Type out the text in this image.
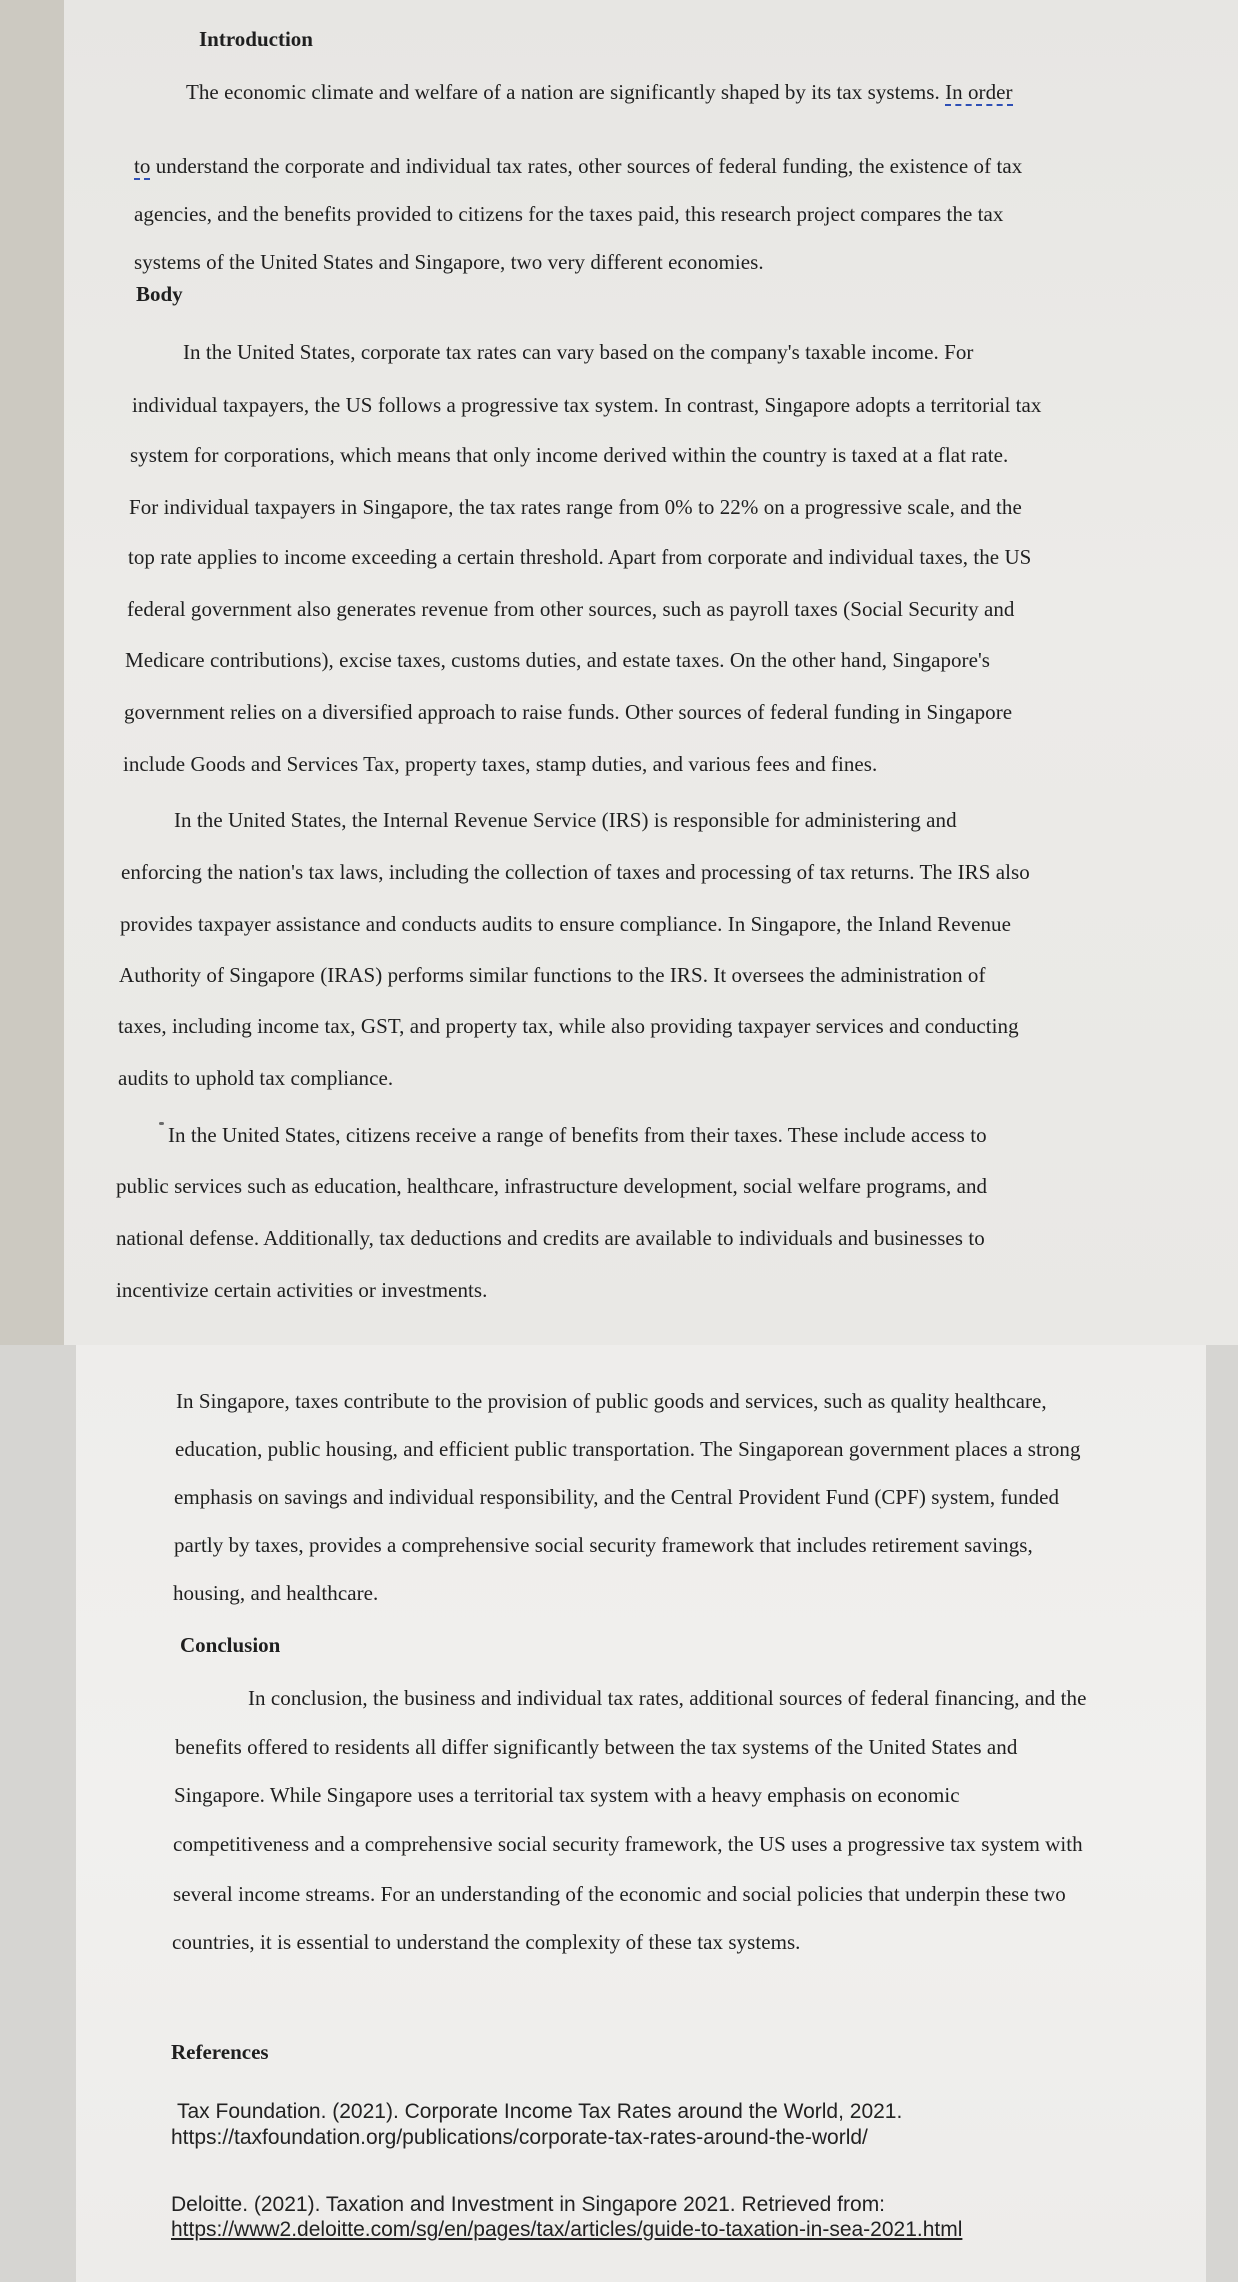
Introduction
The economic climate and welfare of a nation are significantly shaped by its tax systems. In order
to understand the corporate and individual tax rates, other sources of federal funding, the existence of tax
agencies, and the benefits provided to citizens for the taxes paid, this research project compares the tax
systems of the United States and Singapore, two very different economies.
Body
In the United States, corporate tax rates can vary based on the company's taxable income. For
individual taxpayers, the US follows a progressive tax system. In contrast, Singapore adopts a territorial tax
system for corporations, which means that only income derived within the country is taxed at a flat rate.
For individual taxpayers in Singapore, the tax rates range from 0% to 22% on a progressive scale, and the
top rate applies to income exceeding a certain threshold. Apart from corporate and individual taxes, the US
federal government also generates revenue from other sources, such as payroll taxes (Social Security and
Medicare contributions), excise taxes, customs duties, and estate taxes. On the other hand, Singapore's
government relies on a diversified approach to raise funds. Other sources of federal funding in Singapore
include Goods and Services Tax, property taxes, stamp duties, and various fees and fines.
In the United States, the Internal Revenue Service (IRS) is responsible for administering and
enforcing the nation's tax laws, including the collection of taxes and processing of tax returns. The IRS also
provides taxpayer assistance and conducts audits to ensure compliance. In Singapore, the Inland Revenue
Authority of Singapore (IRAS) performs similar functions to the IRS. It oversees the administration of
taxes, including income tax, GST, and property tax, while also providing taxpayer services and conducting
audits to uphold tax compliance.
In the United States, citizens receive a range of benefits from their taxes. These include access to
public services such as education, healthcare, infrastructure development, social welfare programs, and
national defense. Additionally, tax deductions and credits are available to individuals and businesses to
incentivize certain activities or investments.
In Singapore, taxes contribute to the provision of public goods and services, such as quality healthcare,
education, public housing, and efficient public transportation. The Singaporean government places a strong
emphasis on savings and individual responsibility, and the Central Provident Fund (CPF) system, funded
partly by taxes, provides a comprehensive social security framework that includes retirement savings,
housing, and healthcare.
Conclusion
In conclusion, the business and individual tax rates, additional sources of federal financing, and the
benefits offered to residents all differ significantly between the tax systems of the United States and
Singapore. While Singapore uses a territorial tax system with a heavy emphasis on economic
competitiveness and a comprehensive social security framework, the US uses a progressive tax system with
several income streams. For an understanding of the economic and social policies that underpin these two
countries, it is essential to understand the complexity of these tax systems.
References
Tax Foundation. (2021). Corporate Income Tax Rates around the World, 2021.
https://taxfoundation.org/publications/corporate-tax-rates-around-the-world/
Deloitte. (2021). Taxation and Investment in Singapore 2021. Retrieved from:
https://www2.deloitte.com/sg/en/pages/tax/articles/guide-to-taxation-in-sea-2021.html
